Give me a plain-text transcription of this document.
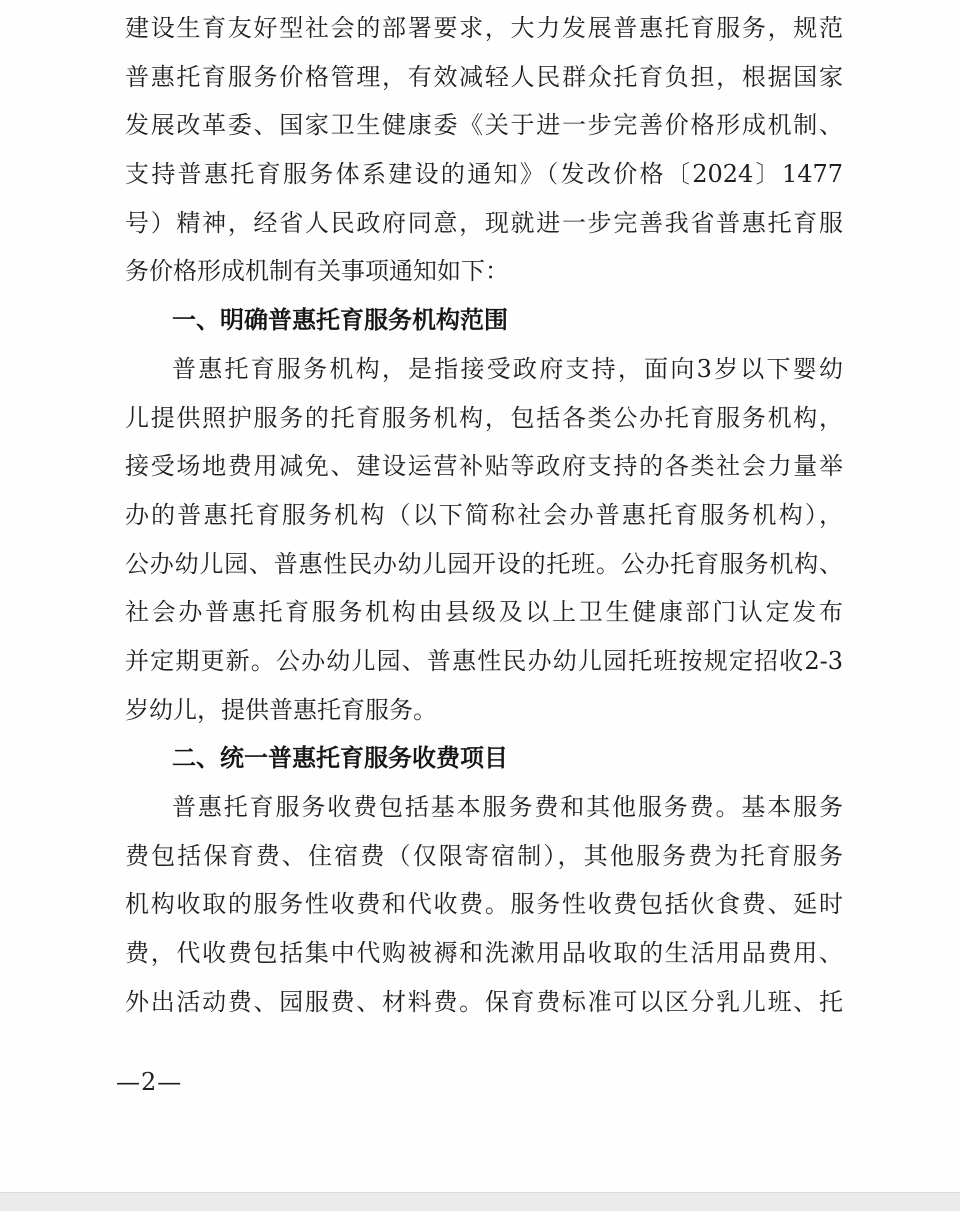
建设生育友好型社会的部署要求，大力发展普惠托育服务，规范
普惠托育服务价格管理，有效减轻人民群众托育负担，根据国家
发展改革委、国家卫生健康委《关于进一步完善价格形成机制、
支持普惠托育服务体系建设的通知》（发改价格〔2024〕1477
号）精神，经省人民政府同意，现就进一步完善我省普惠托育服
务价格形成机制有关事项通知如下：
一、明确普惠托育服务机构范围
普惠托育服务机构，是指接受政府支持，面向3岁以下婴幼
儿提供照护服务的托育服务机构，包括各类公办托育服务机构，
接受场地费用减免、建设运营补贴等政府支持的各类社会力量举
办的普惠托育服务机构（以下简称社会办普惠托育服务机构），
公办幼儿园、普惠性民办幼儿园开设的托班。公办托育服务机构、
社会办普惠托育服务机构由县级及以上卫生健康部门认定发布
并定期更新。公办幼儿园、普惠性民办幼儿园托班按规定招收2-3
岁幼儿，提供普惠托育服务。
二、统一普惠托育服务收费项目
普惠托育服务收费包括基本服务费和其他服务费。基本服务
费包括保育费、住宿费（仅限寄宿制），其他服务费为托育服务
机构收取的服务性收费和代收费。服务性收费包括伙食费、延时
费，代收费包括集中代购被褥和洗漱用品收取的生活用品费用、
外出活动费、园服费、材料费。保育费标准可以区分乳儿班、托
—2—
